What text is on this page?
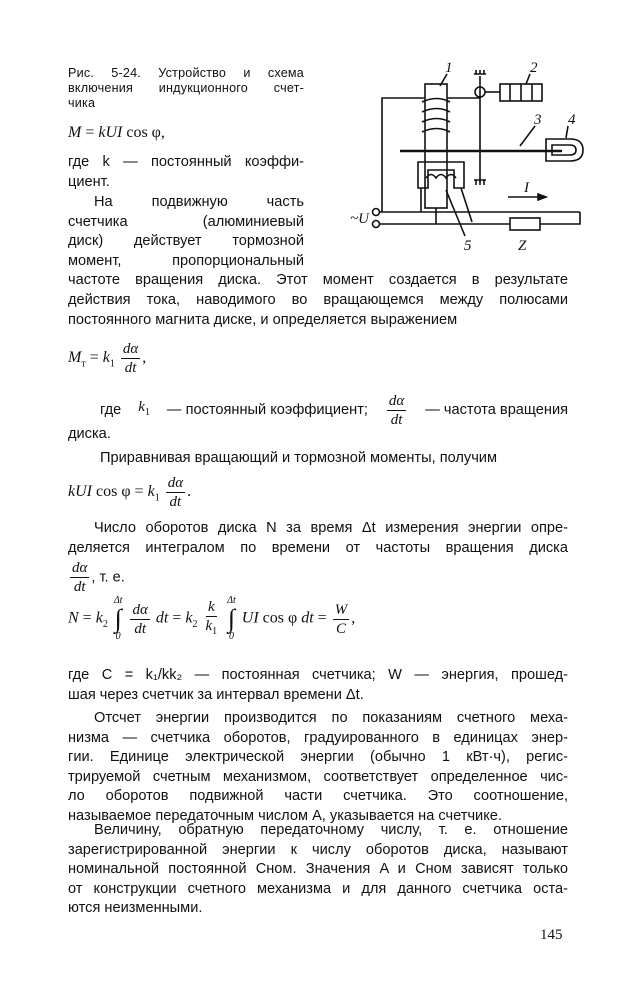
Рис. 5-24. Устройство и схема
включения индукционного счет-
чика
1	2
3 4
5
I
Z
~U
M = kUI cos φ,
где k — постоянный коэффи-
циент.
На подвижную часть
счетчика (алюминиевый
диск) действует тормозной
момент, пропорциональный
частоте вращения диска. Этот момент создается в результате
действия тока, наводимого во вращающемся между полюсами
постоянного магнита диске, и определяется выражением
$M_т = k_1 \frac{d\alpha}{dt}$ ,
где $k_1$ — постоянный коэффициент; $\frac{d\alpha}{dt}$ — частота вращения
диска.
Приравнивая вращающий и тормозной моменты, получим
kUI $\cos \varphi = k_1 \frac{d\alpha}{dt}$ .
Число оборотов диска N за время Δt измерения энергии опре-
деляется интегралом по времени от частоты вращения диска
$\frac{d\alpha}{dt}$ , т. е.
$N = k_2$
Δt
∫
0
$\frac{d\alpha}{dt}$ dt = $k_2 \frac{k}{k_1}$
Δt
∫
0
UI cos φ dt = $\frac{W}{C}$ ,
где C = k₁/kk₂ — постоянная счетчика; W — энергия, прошед-
шая через счетчик за интервал времени Δt.
Отсчет энергии производится по показаниям счетного меха-
низма — счетчика оборотов, градуированного в единицах энер-
гии. Единице электрической энергии (обычно 1 кВт·ч), регис-
трируемой счетным механизмом, соответствует определенное чис-
ло оборотов подвижной части счетчика. Это соотношение,
называемое передаточным числом A, указывается на счетчике.
Величину, обратную передаточному числу, т. е. отношение
зарегистрированной энергии к числу оборотов диска, называют
номинальной постоянной Cном. Значения A и Cном зависят только
от конструкции счетного механизма и для данного счетчика оста-
ются неизменными.
145
